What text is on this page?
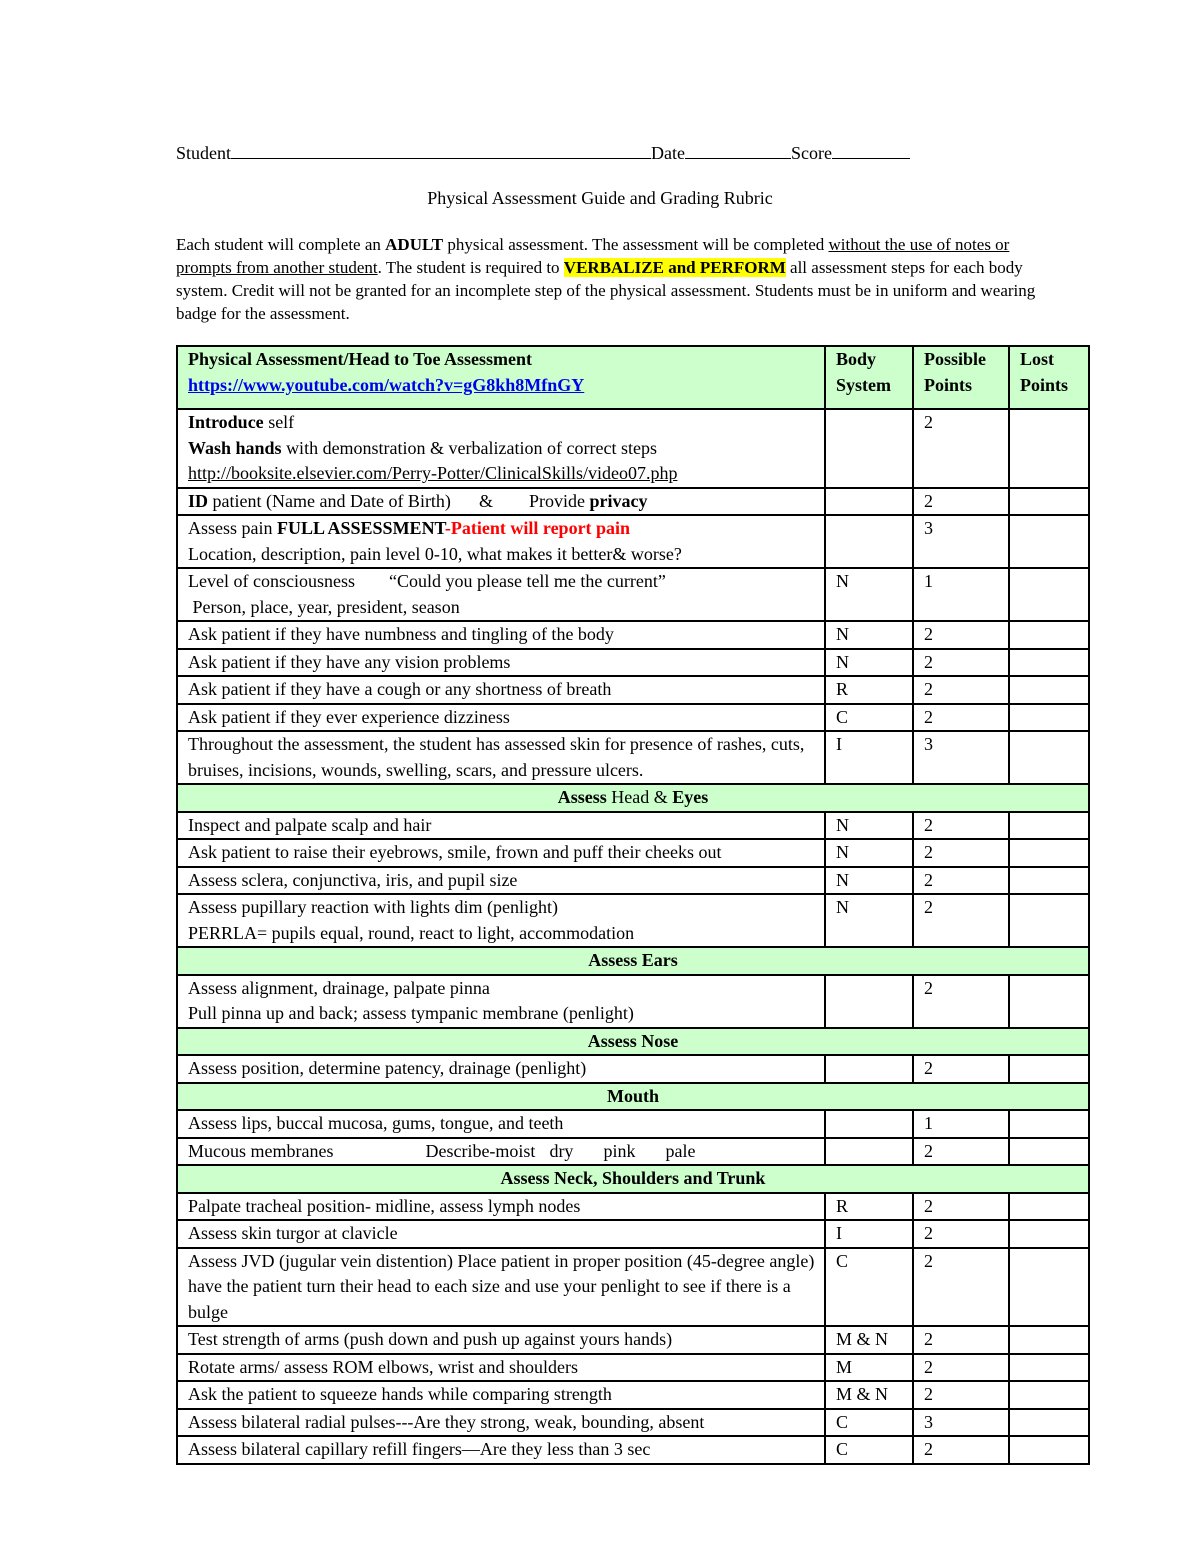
Student	Date	Score
Physical Assessment Guide and Grading Rubric
Each student will complete an ADULT physical assessment. The assessment will be completed without the use of notes or prompts from another student. The student is required to VERBALIZE and PERFORM all assessment steps for each body system. Credit will not be granted for an incomplete step of the physical assessment. Students must be in uniform and wearing badge for the assessment.
Physical Assessment/Head to Toe Assessment
https://www.youtube.com/watch?v=gG8kh8MfnGY	Body System	Possible Points	Lost Points

Introduce self
Wash hands with demonstration & verbalization of correct steps
http://booksite.elsevier.com/Perry-Potter/ClinicalSkills/video07.php		2	
ID patient (Name and Date of Birth) & Provide privacy		2	

Assess pain FULL ASSESSMENT-Patient will report pain
Location, description, pain level 0-10, what makes it better& worse?		3	

Level of consciousness “Could you please tell me the current”
Person, place, year, president, season	N	1	
Ask patient if they have numbness and tingling of the body	N	2	
Ask patient if they have any vision problems	N	2	
Ask patient if they have a cough or any shortness of breath	R	2	
Ask patient if they ever experience dizziness	C	2	
Throughout the assessment, the student has assessed skin for presence of rashes, cuts, bruises, incisions, wounds, swelling, scars, and pressure ulcers.	I	3	
Assess Head & Eyes			
Inspect and palpate scalp and hair	N	2	
Ask patient to raise their eyebrows, smile, frown and puff their cheeks out	N	2	
Assess sclera, conjunctiva, iris, and pupil size	N	2	

Assess pupillary reaction with lights dim (penlight)
PERRLA= pupils equal, round, react to light, accommodation	N	2	
Assess Ears			

Assess alignment, drainage, palpate pinna
Pull pinna up and back; assess tympanic membrane (penlight)		2	
Assess Nose			
Assess position, determine patency, drainage (penlight)		2	
Mouth			
Assess lips, buccal mucosa, gums, tongue, and teeth		1	
Mucous membranes Describe-moist dry pink pale		2	
Assess Neck, Shoulders and Trunk			
Palpate tracheal position- midline, assess lymph nodes	R	2	
Assess skin turgor at clavicle	I	2	
Assess JVD (jugular vein distention) Place patient in proper position (45-degree angle) have the patient turn their head to each size and use your penlight to see if there is a bulge	C	2	
Test strength of arms (push down and push up against yours hands)	M & N	2	
Rotate arms/ assess ROM elbows, wrist and shoulders	M	2	
Ask the patient to squeeze hands while comparing strength	M & N	2	
Assess bilateral radial pulses---Are they strong, weak, bounding, absent	C	3	
Assess bilateral capillary refill fingers—Are they less than 3 sec	C	2	
